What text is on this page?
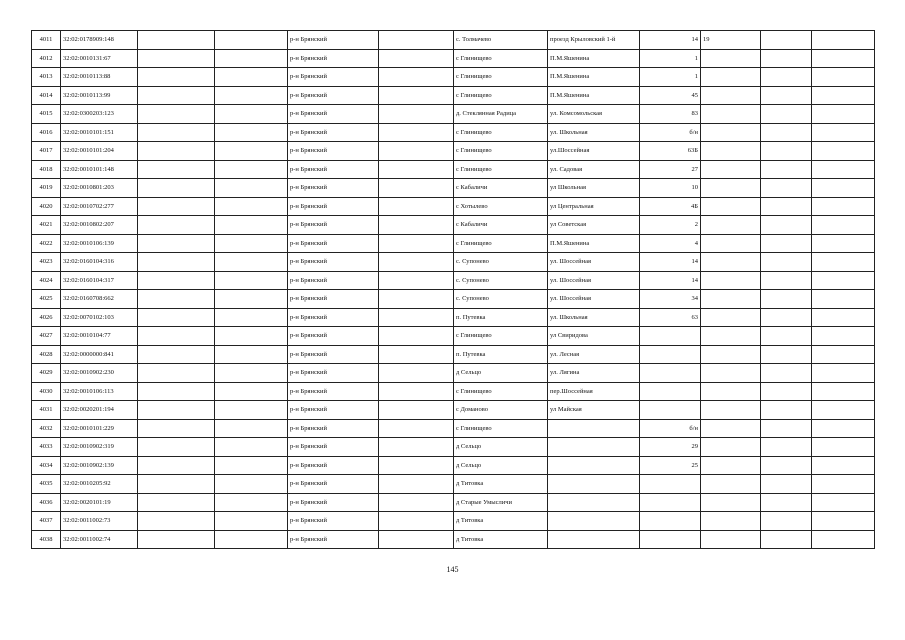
4011	32:02:0178909:148			р-н Брянский		с. Толмачево	проезд Крыловский 1-й	14	19		
4012	32:02:0010131:67			р-н Брянский		с Глинищево	П.М.Яшенина	1			
4013	32:02:0010113:88			р-н Брянский		с Глинищево	П.М.Яшенина	1			
4014	32:02:0010113:99			р-н Брянский		с Глинищево	П.М.Яшенина	45			
4015	32:02:0300203:123			р-н Брянский		д. Стеклянная Радица	ул. Комсомольская	83			
4016	32:02:0010101:151			р-н Брянский		с Глинищево	ул. Школьная	б/н			
4017	32:02:0010101:204			р-н Брянский		с Глинищево	ул.Шоссейная	63Б			
4018	32:02:0010101:148			р-н Брянский		с Глинищево	ул. Садовая	27			
4019	32:02:0010801:203			р-н Брянский		с Кабаличи	ул Школьная	10			
4020	32:02:0010702:277			р-н Брянский		с Хотылево	ул Центральная	4Б			
4021	32:02:0010802:207			р-н Брянский		с Кабаличи	ул Советская	2			
4022	32:02:0010106:139			р-н Брянский		с Глинищево	П.М.Яшенина	4			
4023	32:02:0160104:316			р-н Брянский		с. Супонево	ул. Шоссейная	14			
4024	32:02:0160104:317			р-н Брянский		с. Супонево	ул. Шоссейная	14			
4025	32:02:0160708:662			р-н Брянский		с. Супонево	ул. Шоссейная	34			
4026	32:02:0070102:103			р-н Брянский		п. Путевка	ул. Школьная	63			
4027	32:02:0010104:77			р-н Брянский		с Глинищево	ул Свиридова				
4028	32:02:0000000:841			р-н Брянский		п. Путевка	ул. Лесная				
4029	32:02:0010902:230			р-н Брянский		д Сельцо	ул. Лягина				
4030	32:02:0010106:113			р-н Брянский		с Глинищево	пер.Шоссейная				
4031	32:02:0020201:194			р-н Брянский		с Доманово	ул Майская				
4032	32:02:0010101:229			р-н Брянский		с Глинищево		б/н			
4033	32:02:0010902:319			р-н Брянский		д Сельцо		29			
4034	32:02:0010902:139			р-н Брянский		д Сельцо		25			
4035	32:02:0010205:92			р-н Брянский		д Титовка					
4036	32:02:0020101:19			р-н Брянский		д Старые Умысличи					
4037	32:02:0011002:73			р-н Брянский		д Титовка					
4038	32:02:0011002:74			р-н Брянский		д Титовка					
145
